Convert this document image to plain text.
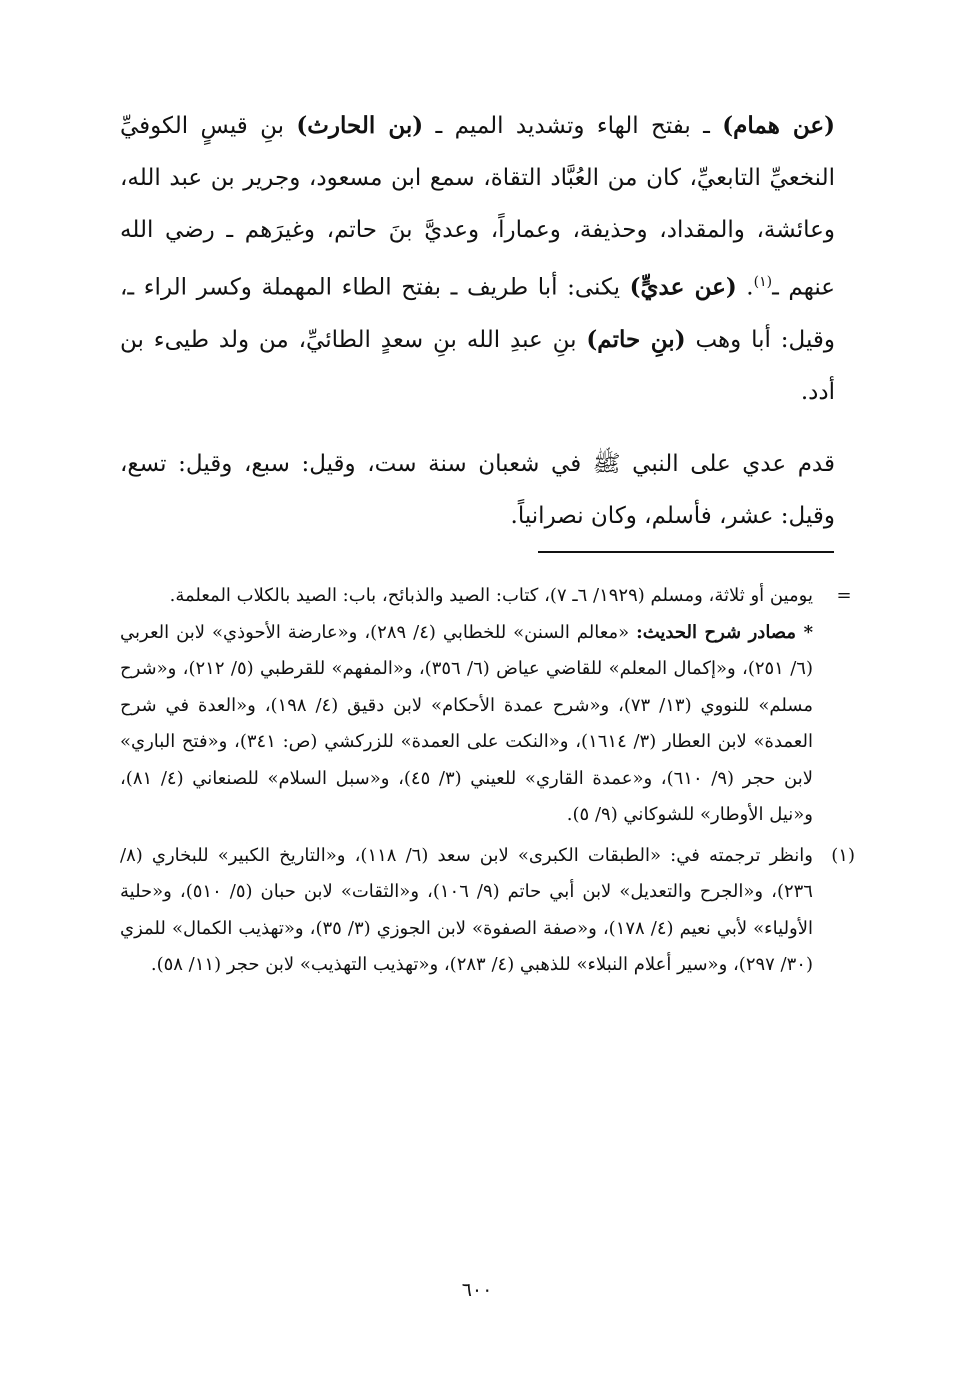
(عن همام) ـ بفتح الهاء وتشديد الميم ـ (بن الحارث) بنِ قيسٍ الكوفيِّ النخعيِّ التابعيِّ، كان من العُبَّاد التقاة، سمع ابن مسعود، وجرير بن عبد الله، وعائشة، والمقداد، وحذيفة، وعماراً، وعديَّ بنَ حاتم، وغيرَهم ـ رضي الله عنهم ـ$^{(١)}$. (عن عديٍّ) يكنى: أبا طريف ـ بفتح الطاء المهملة وكسر الراء ـ، وقيل: أبا وهب (بنِ حاتم) بنِ عبدِ الله بنِ سعدٍ الطائيِّ، من ولد طيىء بن أدد.

قدم عدي على النبي ﷺ في شعبان سنة ست، وقيل: سبع، وقيل: تسع، وقيل: عشر، فأسلم، وكان نصرانياً.

=

يومين أو ثلاثة، ومسلم (١٩٢٩/ ٦ـ ٧)، كتاب: الصيد والذبائح، باب: الصيد بالكلاب المعلمة.

* مصادر شرح الحديث: «معالم السنن» للخطابي (٤/ ٢٨٩)، و«عارضة الأحوذي» لابن العربي (٦/ ٢٥١)، و«إكمال المعلم» للقاضي عياض (٦/ ٣٥٦)، و«المفهم» للقرطبي (٥/ ٢١٢)، و«شرح مسلم» للنووي (١٣/ ٧٣)، و«شرح عمدة الأحكام» لابن دقيق (٤/ ١٩٨)، و«العدة في شرح العمدة» لابن العطار (٣/ ١٦١٤)، و«النكت على العمدة» للزركشي (ص: ٣٤١)، و«فتح الباري» لابن حجر (٩/ ٦١٠)، و«عمدة القاري» للعيني (٣/ ٤٥)، و«سبل السلام» للصنعاني (٤/ ٨١)، و«نيل الأوطار» للشوكاني (٩/ ٥).

(١)

وانظر ترجمته في: «الطبقات الكبرى» لابن سعد (٦/ ١١٨)، و«التاريخ الكبير» للبخاري (٨/ ٢٣٦)، و«الجرح والتعديل» لابن أبي حاتم (٩/ ١٠٦)، و«الثقات» لابن حبان (٥/ ٥١٠)، و«حلية الأولياء» لأبي نعيم (٤/ ١٧٨)، و«صفة الصفوة» لابن الجوزي (٣/ ٣٥)، و«تهذيب الكمال» للمزي (٣٠/ ٢٩٧)، و«سير أعلام النبلاء» للذهبي (٤/ ٢٨٣)، و«تهذيب التهذيب» لابن حجر (١١/ ٥٨).

٦٠٠
